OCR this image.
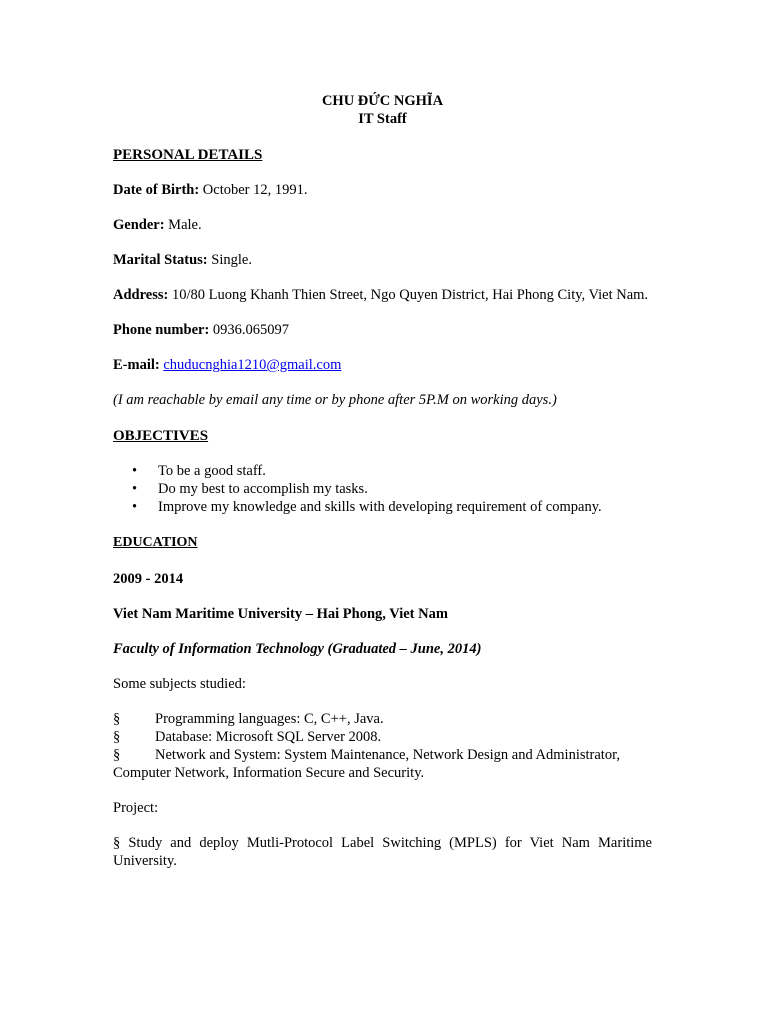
CHU ĐỨC NGHĨA
IT Staff

PERSONAL DETAILS

Date of Birth: October 12, 1991.

Gender: Male.

Marital Status: Single.

Address: 10/80 Luong Khanh Thien Street, Ngo Quyen District, Hai Phong City, Viet Nam.

Phone number: 0936.065097

E-mail: chuducnghia1210@gmail.com

(I am reachable by email any time or by phone after 5P.M on working days.)

OBJECTIVES

• To be a good staff.
• Do my best to accomplish my tasks.
• Improve my knowledge and skills with developing requirement of company.

EDUCATION

2009 - 2014

Viet Nam Maritime University – Hai Phong, Viet Nam

Faculty of Information Technology (Graduated – June, 2014)

Some subjects studied:

§ Programming languages: C, C++, Java.
§ Database: Microsoft SQL Server 2008.
§ Network and System: System Maintenance, Network Design and Administrator,
Computer Network, Information Secure and Security.

Project:

§ Study and deploy Mutli-Protocol Label Switching (MPLS) for Viet Nam Maritime University.
